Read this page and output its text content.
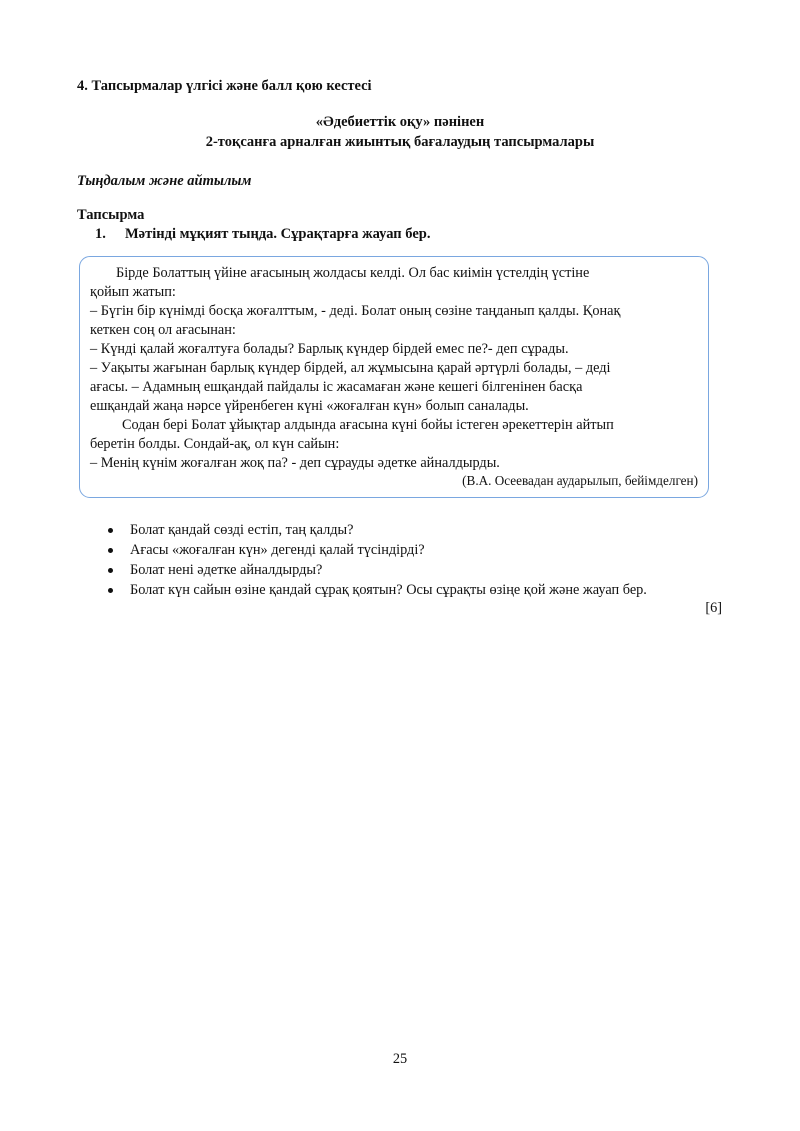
4. Тапсырмалар үлгісі және балл қою кестесі
«Әдебиеттік оқу» пәнінен
2-тоқсанға арналған жиынтық бағалаудың тапсырмалары
Тыңдалым және айтылым
Тапсырма
1. Мәтінді мұқият тыңда. Сұрақтарға жауап бер.
Бірде Болаттың үйіне ағасының жолдасы келді. Ол бас киімін үстелдің үстіне
қойып жатып:
– Бүгін бір күнімді босқа жоғалттым, - деді. Болат оның сөзіне таңданып қалды. Қонақ
кеткен соң ол ағасынан:
– Күнді қалай жоғалтуға болады? Барлық күндер бірдей емес пе?- деп сұрады.
– Уақыты жағынан барлық күндер бірдей, ал жұмысына қарай әртүрлі болады, – деді
ағасы. – Адамның ешқандай пайдалы іс жасамаған және кешегі білгенінен басқа
ешқандай жаңа нәрсе үйренбеген күні «жоғалған күн» болып саналады.
Содан бері Болат ұйықтар алдында ағасына күні бойы істеген әрекеттерін айтып
беретін болды. Сондай-ақ, ол күн сайын:
– Менің күнім жоғалған жоқ па? - деп сұрауды әдетке айналдырды.
(В.А. Осеевадан аударылып, бейімделген)
Болат қандай сөзді естіп, таң қалды?
Ағасы «жоғалған күн» дегенді қалай түсіндірді?
Болат нені әдетке айналдырды?
Болат күн сайын өзіне қандай сұрақ қоятын? Осы сұрақты өзіңе қой және жауап бер.
[6]
25
